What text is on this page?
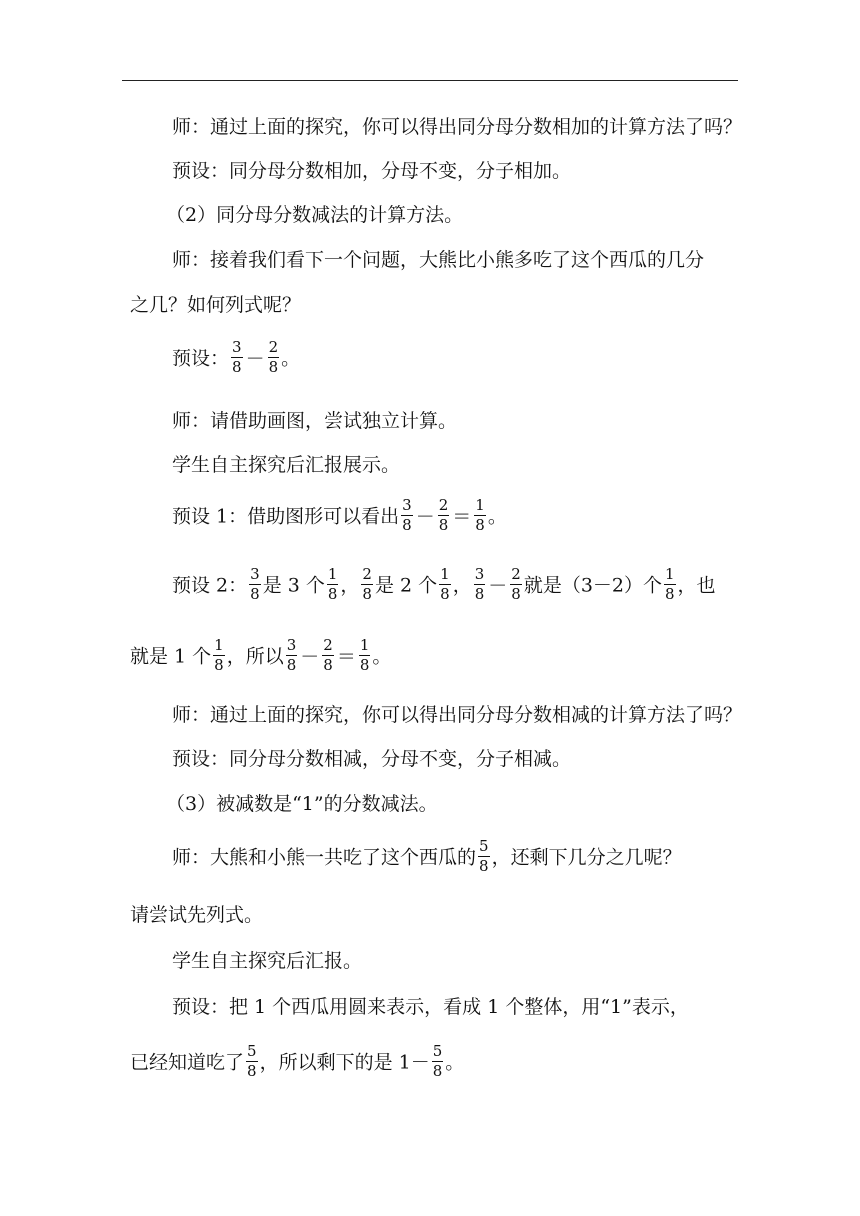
师：通过上面的探究，你可以得出同分母分数相加的计算方法了吗？
预设：同分母分数相加，分母不变，分子相加。
（2）同分母分数减法的计算方法。
师：接着我们看下一个问题，大熊比小熊多吃了这个西瓜的几分
之几？如何列式呢？
预设： $\frac{3}{8} - \frac{2}{8}$ 。
师：请借助画图，尝试独立计算。
学生自主探究后汇报展示。
预设 1：借助图形可以看出 $\frac{3}{8} - \frac{2}{8} = \frac{1}{8}$ 。
预设 2： $\frac{3}{8}$ 是 3 个 $\frac{1}{8}$ ， $\frac{2}{8}$ 是 2 个 $\frac{1}{8}$ ， $\frac{3}{8} - \frac{2}{8}$ 就是（3－2）个 $\frac{1}{8}$ ，也
就是 1 个 $\frac{1}{8}$ ，所以 $\frac{3}{8} - \frac{2}{8} = \frac{1}{8}$ 。
师：通过上面的探究，你可以得出同分母分数相减的计算方法了吗？
预设：同分母分数相减，分母不变，分子相减。
（3）被减数是“1”的分数减法。
师：大熊和小熊一共吃了这个西瓜的 $\frac{5}{8}$ ，还剩下几分之几呢？
请尝试先列式。
学生自主探究后汇报。
预设：把 1 个西瓜用圆来表示，看成 1 个整体，用“1”表示，
已经知道吃了 $\frac{5}{8}$ ，所以剩下的是 $1- \frac{5}{8}$ 。
